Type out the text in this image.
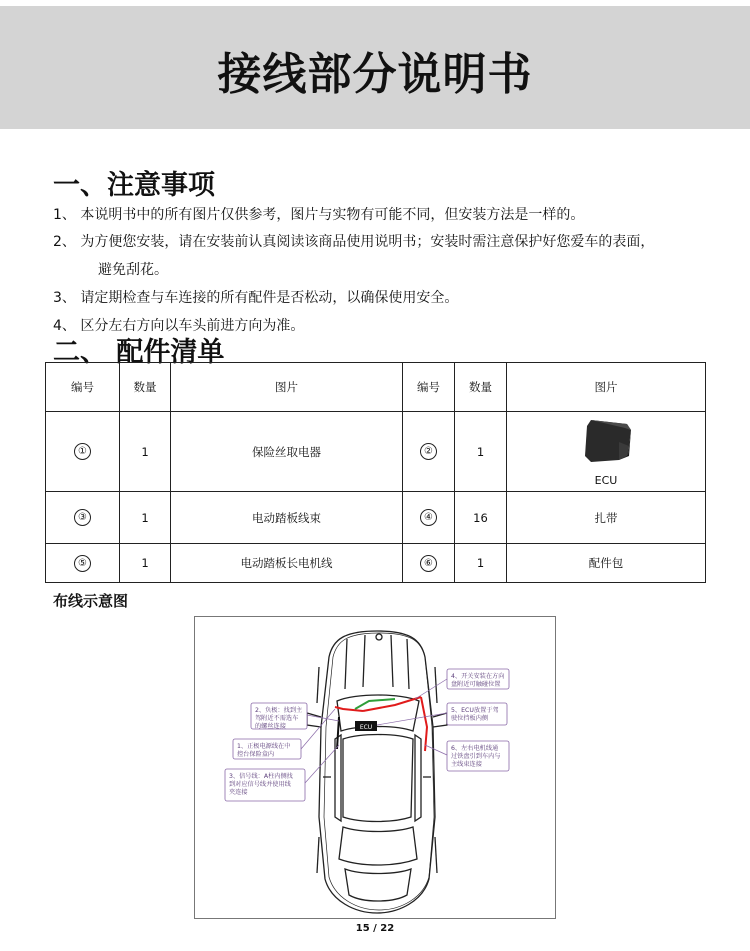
接线部分说明书
一、注意事项
1、 本说明书中的所有图片仅供参考，图片与实物有可能不同，但安装方法是一样的。
2、 为方便您安装，请在安装前认真阅读该商品使用说明书；安装时需注意保护好您爱车的表面，
避免刮花。
3、 请定期检查与车连接的所有配件是否松动，以确保使用安全。
4、 区分左右方向以车头前进方向为准。
二、 配件清单
编号	数量	图片	编号	数量	图片
①	1	保险丝取电器	②	1	ECU

③	1	电动踏板线束	④	16	扎带
⑤	1	电动踏板长电机线	⑥	1	配件包
布线示意图
ECU
2、负极：找到主
驾附近不需选车
的螺丝连接
1、正极电源线在中
控台保险盒内
3、信号线：A柱内侧找
到对应信号线并使用线
夹连接
4、开关安装在方向
盘附近可触碰位置
5、ECU放置于驾
驶位挡板内侧
6、左右电机线通
过铁盘引到车内与
主线束连接
15 / 22
